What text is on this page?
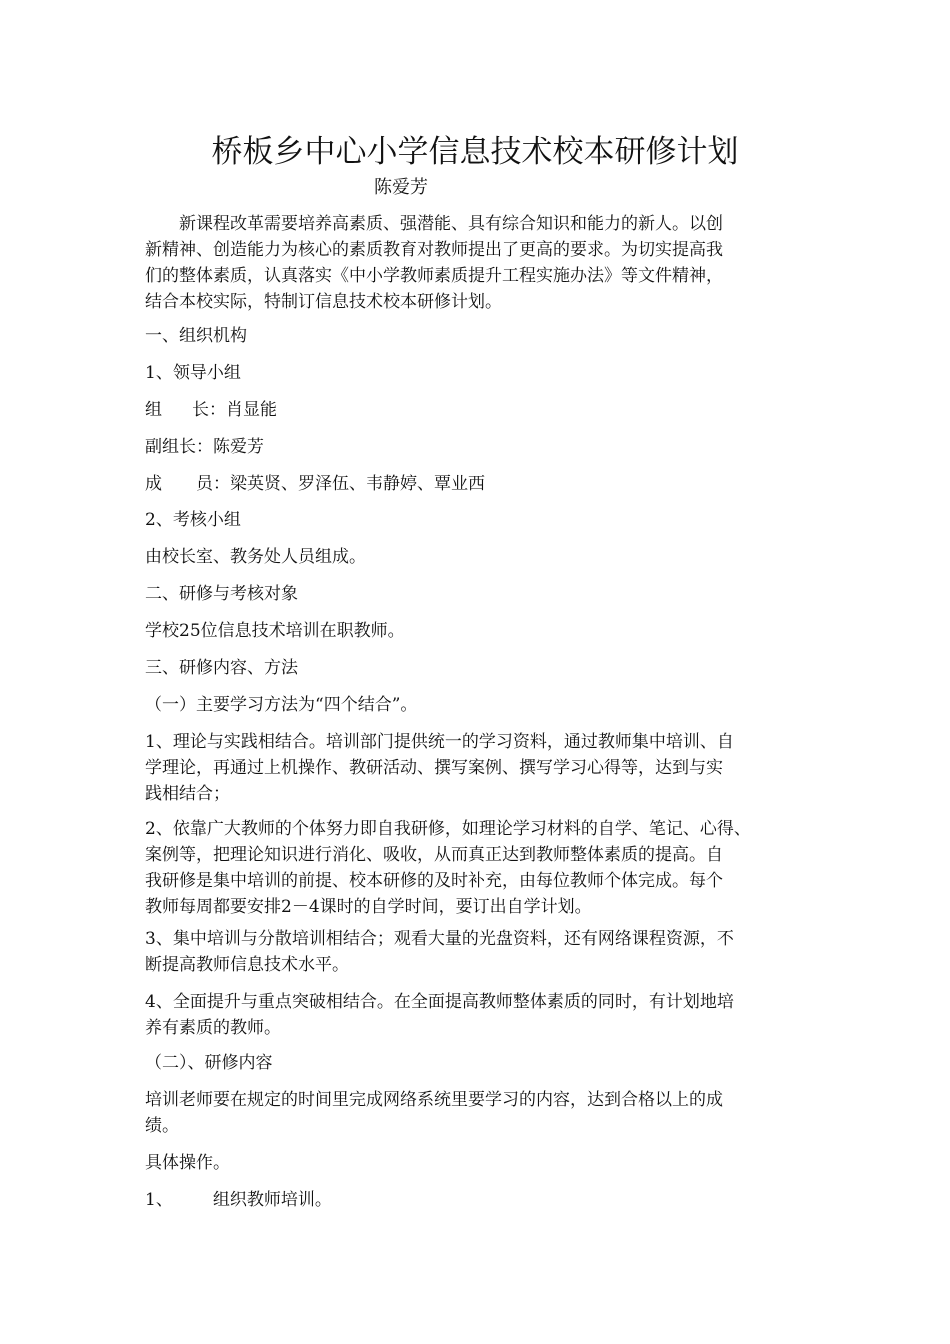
桥板乡中心小学信息技术校本研修计划
陈爱芳
新课程改革需要培养高素质、强潜能、具有综合知识和能力的新人。以创
新精神、创造能力为核心的素质教育对教师提出了更高的要求。为切实提高我
们的整体素质，认真落实《中小学教师素质提升工程实施办法》等文件精神，
结合本校实际，特制订信息技术校本研修计划。
一、组织机构
1、领导小组
组 长：肖显能
副组长：陈爱芳
成 员：梁英贤、罗泽伍、韦静婷、覃业西
2、考核小组
由校长室、教务处人员组成。
二、研修与考核对象
学校25位信息技术培训在职教师。
三、研修内容、方法
（一）主要学习方法为“四个结合”。
1、理论与实践相结合。培训部门提供统一的学习资料，通过教师集中培训、自
学理论，再通过上机操作、教研活动、撰写案例、撰写学习心得等，达到与实
践相结合；
2、依靠广大教师的个体努力即自我研修，如理论学习材料的自学、笔记、心得、
案例等，把理论知识进行消化、吸收，从而真正达到教师整体素质的提高。自
我研修是集中培训的前提、校本研修的及时补充，由每位教师个体完成。每个
教师每周都要安排2－4课时的自学时间，要订出自学计划。
3、集中培训与分散培训相结合；观看大量的光盘资料，还有网络课程资源，不
断提高教师信息技术水平。
4、全面提升与重点突破相结合。在全面提高教师整体素质的同时，有计划地培
养有素质的教师。
（二）、研修内容
培训老师要在规定的时间里完成网络系统里要学习的内容，达到合格以上的成
绩。
具体操作。
1、 组织教师培训。
